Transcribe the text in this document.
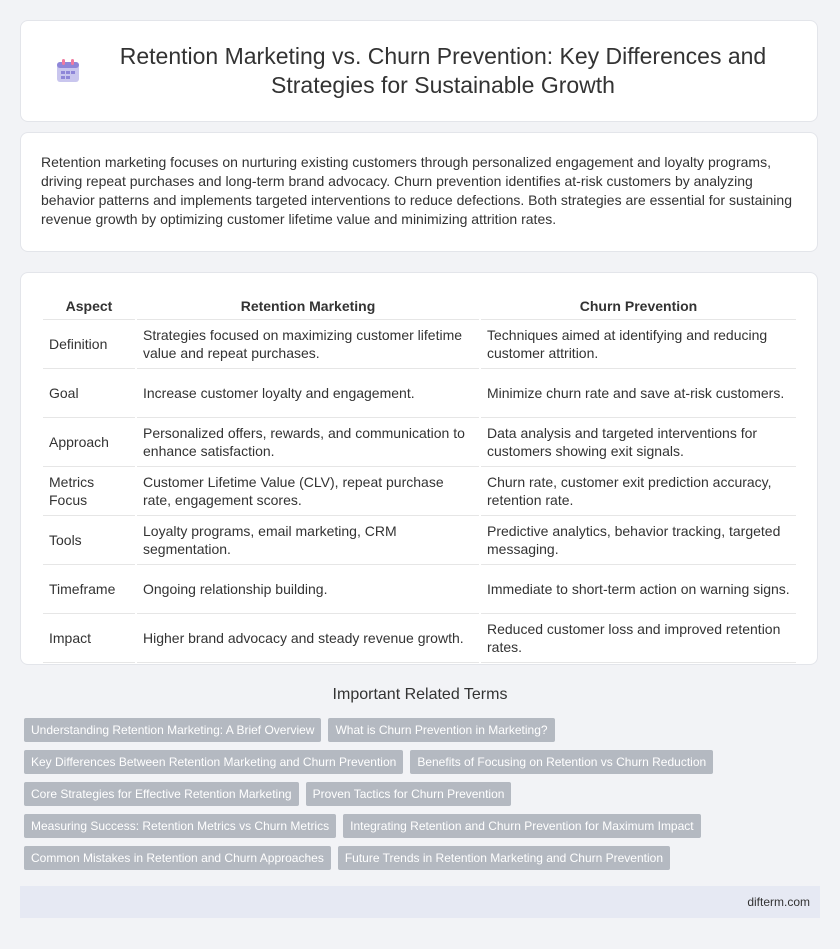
Retention Marketing vs. Churn Prevention: Key Differences and Strategies for Sustainable Growth

Retention marketing focuses on nurturing existing customers through personalized engagement and loyalty programs, driving repeat purchases and long-term brand advocacy. Churn prevention identifies at-risk customers by analyzing behavior patterns and implements targeted interventions to reduce defections. Both strategies are essential for sustaining revenue growth by optimizing customer lifetime value and minimizing attrition rates.

Aspect	Retention Marketing	Churn Prevention
Definition	Strategies focused on maximizing customer lifetime value and repeat purchases.	Techniques aimed at identifying and reducing customer attrition.
Goal	Increase customer loyalty and engagement.	Minimize churn rate and save at-risk customers.
Approach	Personalized offers, rewards, and communication to enhance satisfaction.	Data analysis and targeted interventions for customers showing exit signals.
Metrics Focus	Customer Lifetime Value (CLV), repeat purchase rate, engagement scores.	Churn rate, customer exit prediction accuracy, retention rate.
Tools	Loyalty programs, email marketing, CRM segmentation.	Predictive analytics, behavior tracking, targeted messaging.
Timeframe	Ongoing relationship building.	Immediate to short-term action on warning signs.
Impact	Higher brand advocacy and steady revenue growth.	Reduced customer loss and improved retention rates.
Important Related Terms
Understanding Retention Marketing: A Brief Overview	What is Churn Prevention in Marketing?
Key Differences Between Retention Marketing and Churn Prevention	Benefits of Focusing on Retention vs Churn Reduction
Core Strategies for Effective Retention Marketing	Proven Tactics for Churn Prevention
Measuring Success: Retention Metrics vs Churn Metrics	Integrating Retention and Churn Prevention for Maximum Impact
Common Mistakes in Retention and Churn Approaches	Future Trends in Retention Marketing and Churn Prevention
difterm.com
